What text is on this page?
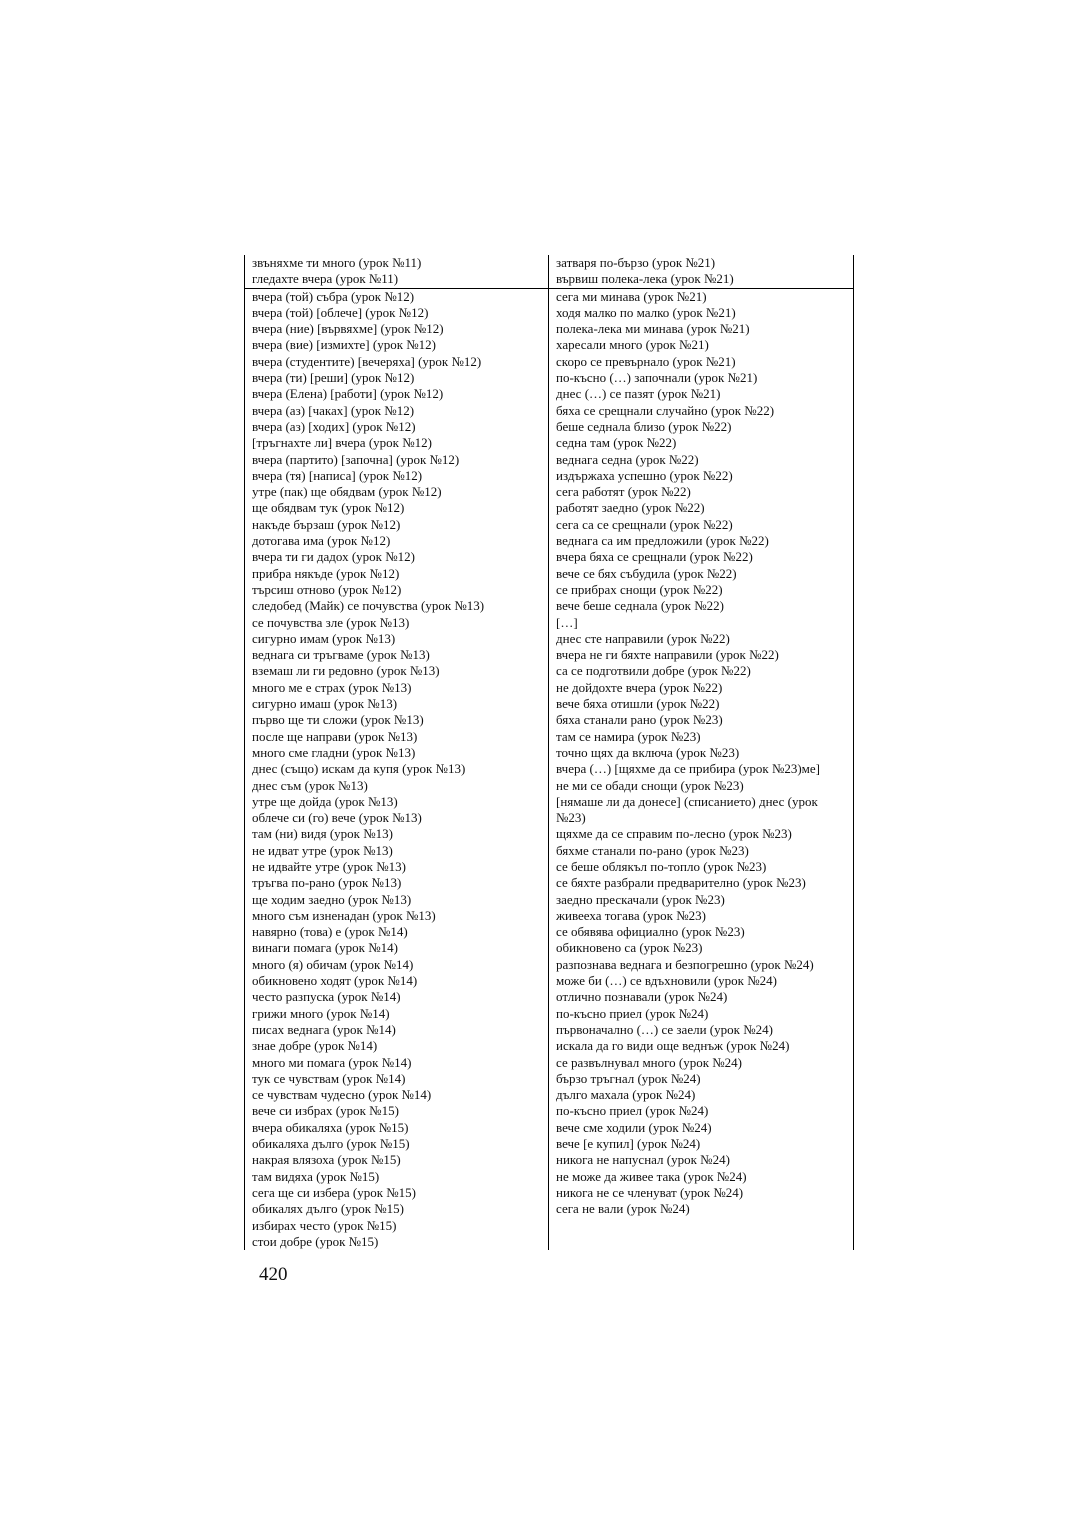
звъняхме ти много (урок №11)
гледахте вчера (урок №11)
затваря по-бързо (урок №21)
вървиш полека-лека (урок №21)
вчера (той) събра (урок №12)
вчера (той) [облече] (урок №12)
вчера (ние) [вървяхме] (урок №12)
вчера (вие) [измихте] (урок №12)
вчера (студентите) [вечеряха] (урок №12)
вчера (ти) [реши] (урок №12)
вчера (Елена) [работи] (урок №12)
вчера (аз) [чаках] (урок №12)
вчера (аз) [ходих] (урок №12)
[тръгнахте ли] вчера (урок №12)
вчера (партито) [започна] (урок №12)
вчера (тя) [написа] (урок №12)
утре (пак) ще обядвам (урок №12)
ще обядвам тук (урок №12)
накъде бързаш (урок №12)
дотогава има (урок №12)
вчера ти ги дадох (урок №12)
прибра някъде (урок №12)
търсиш отново (урок №12)
следобед (Майк) се почувства (урок №13)
се почувства зле (урок №13)
сигурно имам (урок №13)
веднага си тръгваме (урок №13)
вземаш ли ги редовно (урок №13)
много ме е страх (урок №13)
сигурно имаш (урок №13)
първо ще ти сложи (урок №13)
после ще направи (урок №13)
много сме гладни (урок №13)
днес (също) искам да купя (урок №13)
днес съм (урок №13)
утре ще дойда (урок №13)
облече си (го) вече (урок №13)
там (ни) видя (урок №13)
не идват утре (урок №13)
не идвайте утре (урок №13)
тръгва по-рано (урок №13)
ще ходим заедно (урок №13)
много съм изненадан (урок №13)
навярно (това) е (урок №14)
винаги помага (урок №14)
много (я) обичам (урок №14)
обикновено ходят (урок №14)
често разпуска (урок №14)
грижи много (урок №14)
писах веднага (урок №14)
знае добре (урок №14)
много ми помага (урок №14)
тук се чувствам (урок №14)
се чувствам чудесно (урок №14)
вече си избрах (урок №15)
вчера обикаляха (урок №15)
обикаляха дълго (урок №15)
накрая влязоха (урок №15)
там видяха (урок №15)
сега ще си избера (урок №15)
обикалях дълго (урок №15)
избирах често (урок №15)
стои добре (урок №15)
сега ми минава (урок №21)
ходя малко по малко (урок №21)
полека-лека ми минава (урок №21)
харесали много (урок №21)
скоро се превърнало (урок №21)
по-късно (…) започнали (урок №21)
днес (…) се пазят (урок №21)
бяха се срещнали случайно (урок №22)
беше седнала близо (урок №22)
седна там (урок №22)
веднага седна (урок №22)
издържаха успешно (урок №22)
сега работят (урок №22)
работят заедно (урок №22)
сега са се срещнали (урок №22)
веднага са им предложили (урок №22)
вчера бяха се срещнали (урок №22)
вече се бях събудила (урок №22)
се прибрах снощи (урок №22)
вече беше седнала (урок №22)
[…]
днес сте направили (урок №22)
вчера не ги бяхте направили (урок №22)
са се подготвили добре (урок №22)
не дойдохте вчера (урок №22)
вече бяха отишли (урок №22)
бяха станали рано (урок №23)
там се намира (урок №23)
точно щях да включа (урок №23)
вчера (…) [щяхме да се прибира (урок №23)ме]
не ми се обади снощи (урок №23)
[нямаше ли да донесе] (списанието) днес (урок №23)
щяхме да се справим по-лесно (урок №23)
бяхме станали по-рано (урок №23)
се беше облякъл по-топло (урок №23)
се бяхте разбрали предварително (урок №23)
заедно прескачали (урок №23)
живееха тогава (урок №23)
се обявява официално (урок №23)
обикновено са (урок №23)
разпознава веднага и безпогрешно (урок №24)
може би (…) се вдъхновили (урок №24)
отлично познавали (урок №24)
по-късно приел (урок №24)
първоначално (…) се заели (урок №24)
искала да го види още веднъж (урок №24)
се развълнувал много (урок №24)
бързо тръгнал (урок №24)
дълго махала (урок №24)
по-късно приел (урок №24)
вече сме ходили (урок №24)
вече [е купил] (урок №24)
никога не напуснал (урок №24)
не може да живее така (урок №24)
никога не се членуват (урок №24)
сега не вали (урок №24)
420
